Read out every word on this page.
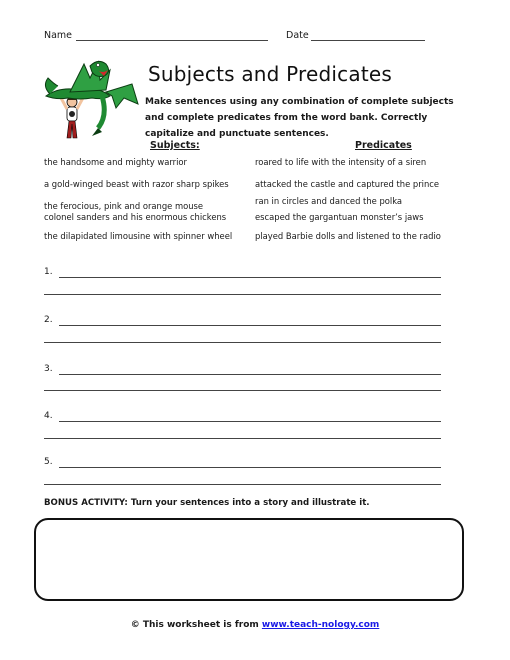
Name	Date
Subjects and Predicates
Make sentences using any combination of complete subjects and complete predicates from the word bank. Correctly capitalize and punctuate sentences.
Subjects:	Predicates
the handsome and mighty warrior
a gold-winged beast with razor sharp spikes
the ferocious, pink and orange mouse
colonel sanders and his enormous chickens
the dilapidated limousine with spinner wheel
roared to life with the intensity of a siren
attacked the castle and captured the prince
ran in circles and danced the polka
escaped the gargantuan monster’s jaws
played Barbie dolls and listened to the radio
1.
2.
3.
4.
5.
BONUS ACTIVITY: Turn your sentences into a story and illustrate it.
© This worksheet is from www.teach-nology.com
